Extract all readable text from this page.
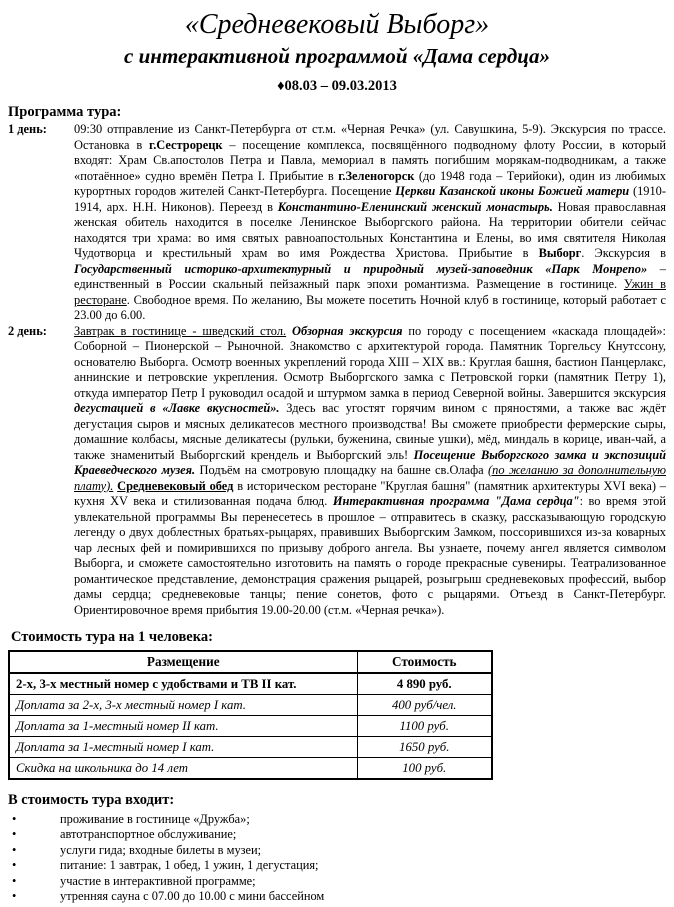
«Средневековый Выборг»
с интерактивной программой «Дама сердца»
♦08.03 – 09.03.2013
Программа тура:
1 день:	09:30 отправление из Санкт-Петербурга от ст.м. «Черная Речка» (ул. Савушкина, 5-9). Экскурсия по трассе. Остановка в г.Сестрорецк – посещение комплекса, посвящённого подводному флоту России, в который входят: Храм Св.апостолов Петра и Павла, мемориал в память погибшим морякам-подводникам, а также «потаённое» судно времён Петра I. Прибытие в г.Зеленогорск (до 1948 года – Терийоки), один из любимых курортных городов жителей Санкт-Петербурга. Посещение Церкви Казанской иконы Божией матери (1910-1914, арх. Н.Н. Никонов). Переезд в Константино-Еленинский женский монастырь. Новая православная женская обитель находится в поселке Ленинское Выборгского района. На территории обители сейчас находятся три храма: во имя святых равноапостольных Константина и Елены, во имя святителя Николая Чудотворца и крестильный храм во имя Рождества Христова. Прибытие в Выборг. Экскурсия в Государственный историко-архитектурный и природный музей-заповедник «Парк Монрепо» – единственный в России скальный пейзажный парк эпохи романтизма. Размещение в гостинице. Ужин в ресторане. Свободное время. По желанию, Вы можете посетить Ночной клуб в гостинице, который работает с 23.00 до 6.00.
2 день:	Завтрак в гостинице - шведский стол. Обзорная экскурсия по городу с посещением «каскада площадей»: Соборной – Пионерской – Рыночной. Знакомство с архитектурой города. Памятник Торгельсу Кнутссону, основателю Выборга. Осмотр военных укреплений города XIII – XIX вв.: Круглая башня, бастион Панцерлакс, аннинские и петровские укрепления. Осмотр Выборгского замка с Петровской горки (памятник Петру 1), откуда император Петр I руководил осадой и штурмом замка в период Северной войны. Завершится экскурсия дегустацией в «Лавке вкусностей». Здесь вас угостят горячим вином с пряностями, а также вас ждёт дегустация сыров и мясных деликатесов местного производства! Вы сможете приобрести фермерские сыры, домашние колбасы, мясные деликатесы (рульки, буженина, свиные ушки), мёд, миндаль в корице, иван-чай, а также знаменитый Выборгский крендель и Выборгский эль! Посещение Выборгского замка и экспозиций Краеведческого музея. Подъём на смотровую площадку на башне св.Олафа (по желанию за дополнительную плату). Средневековый обед в историческом ресторане "Круглая башня" (памятник архитектуры XVI века) – кухня XV века и стилизованная подача блюд. Интерактивная программа "Дама сердца": во время этой увлекательной программы Вы перенесетесь в прошлое – отправитесь в сказку, рассказывающую городскую легенду о двух доблестных братьях-рыцарях, правивших Выборгским Замком, поссорившихся из-за коварных чар лесных фей и помирившихся по призыву доброго ангела. Вы узнаете, почему ангел является символом Выборга, и сможете самостоятельно изготовить на память о городе прекрасные сувениры. Театрализованное романтическое представление, демонстрация сражения рыцарей, розыгрыш средневековых профессий, выбор дамы сердца; средневековые танцы; пение сонетов, фото с рыцарями. Отъезд в Санкт-Петербург. Ориентировочное время прибытия 19.00-20.00 (ст.м. «Черная речка»).
Стоимость тура на 1 человека:
Размещение	Стоимость
2-х, 3-х местный номер с удобствами и ТВ II кат.	4 890 руб.
Доплата за 2-х, 3-х местный номер I кат.	400 руб/чел.
Доплата за 1-местный номер II кат.	1100 руб.
Доплата за 1-местный номер I кат.	1650 руб.
Скидка на школьника до 14 лет	100 руб.
В стоимость тура входит:
•	проживание в гостинице «Дружба»;
•	автотранспортное обслуживание;
•	услуги гида; входные билеты в музеи;
•	питание: 1 завтрак, 1 обед, 1 ужин, 1 дегустация;
•	участие в интерактивной программе;
•	утренняя сауна с 07.00 до 10.00 с мини бассейном
